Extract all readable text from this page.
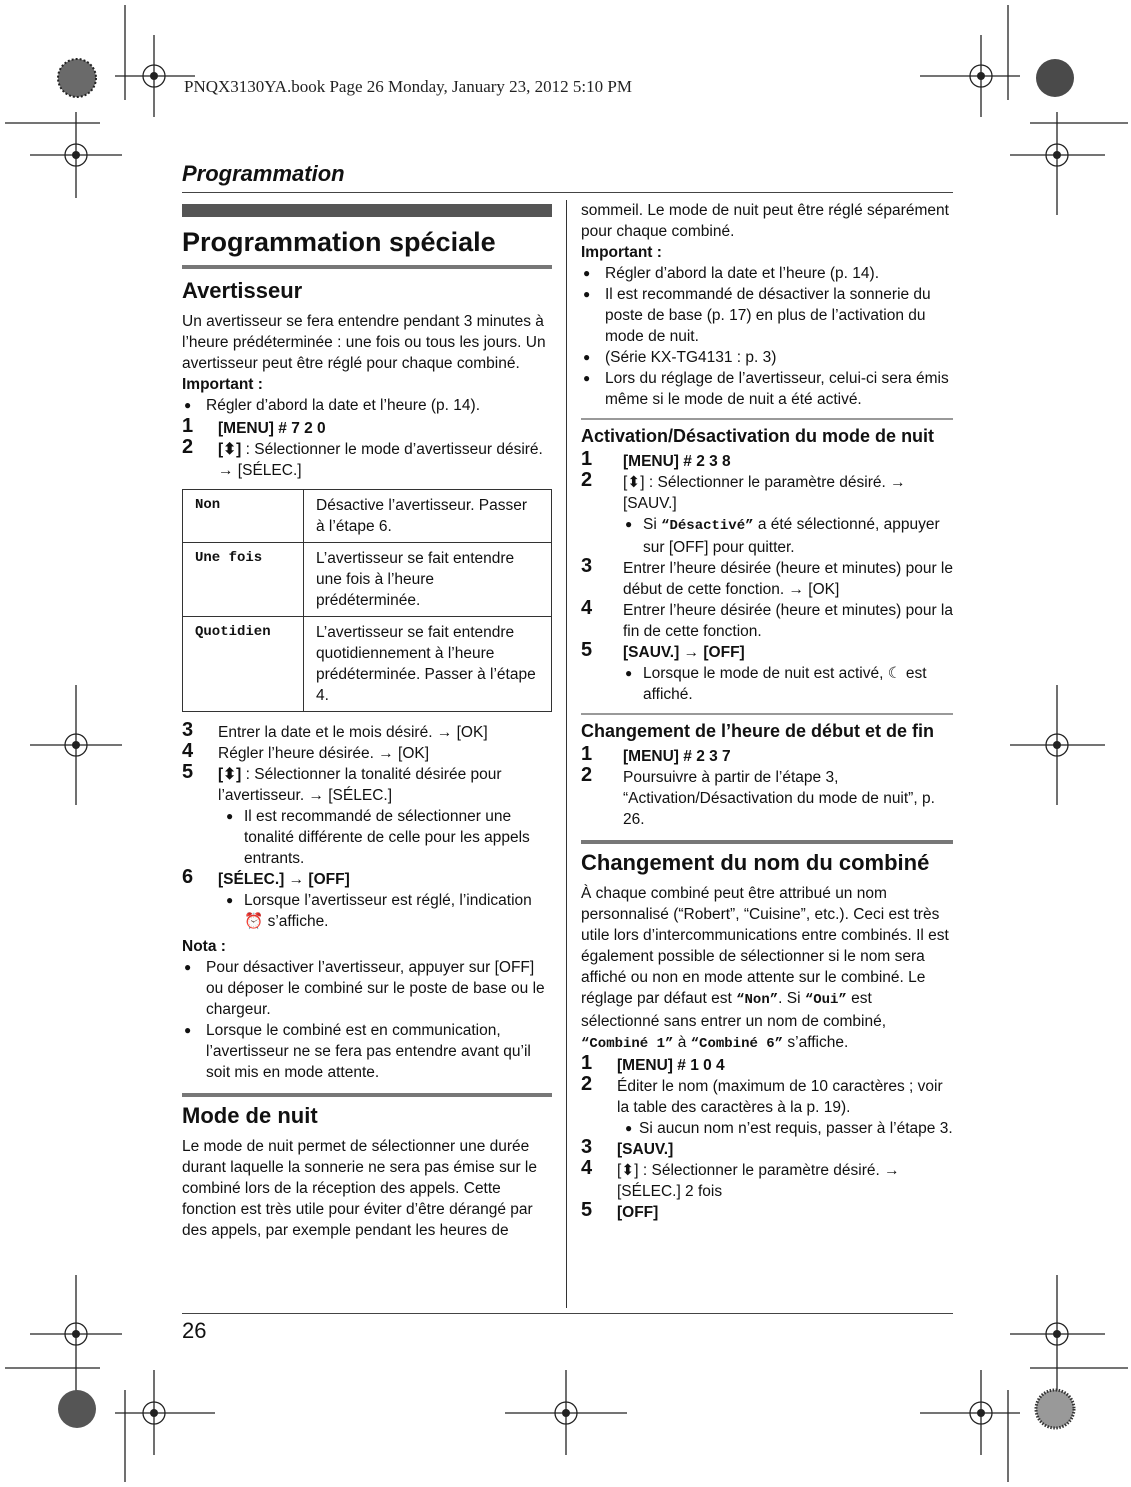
PNQX3130YA.book Page 26 Monday, January 23, 2012 5:10 PM
Programmation
Programmation spéciale
Avertisseur

Un avertisseur se fera entendre pendant 3 minutes à l’heure prédéterminée : une fois ou tous les jours. Un avertisseur peut être réglé pour chaque combiné.

Important :

● Régler d’abord la date et l’heure (p. 14).
1 [MENU] # 7 2 0
2 [⬍] : Sélectionner le mode d’avertisseur désiré. → [SÉLEC.]
Non	Désactive l’avertisseur. Passer à l’étape 6.
Une fois	L’avertisseur se fait entendre une fois à l’heure prédéterminée.
Quotidien	L’avertisseur se fait entendre quotidiennement à l’heure prédéterminée. Passer à l’étape 4.
3 Entrer la date et le mois désiré. → [OK]
4 Régler l’heure désirée. → [OK]
5 [⬍] : Sélectionner la tonalité désirée pour l’avertisseur. → [SÉLEC.]
● Il est recommandé de sélectionner une tonalité différente de celle pour les appels entrants.
6 [SÉLEC.] → [OFF]
● Lorsque l’avertisseur est réglé, l’indication ⏰ s’affiche.

Nota :

● Pour désactiver l’avertisseur, appuyer sur [OFF] ou déposer le combiné sur le poste de base ou le chargeur.
● Lorsque le combiné est en communication, l’avertisseur ne se fera pas entendre avant qu’il soit mis en mode attente.
Mode de nuit

Le mode de nuit permet de sélectionner une durée durant laquelle la sonnerie ne sera pas émise sur le combiné lors de la réception des appels. Cette fonction est très utile pour éviter d’être dérangé par des appels, par exemple pendant les heures de

sommeil. Le mode de nuit peut être réglé séparément pour chaque combiné.

Important :

● Régler d’abord la date et l’heure (p. 14).
● Il est recommandé de désactiver la sonnerie du poste de base (p. 17) en plus de l’activation du mode de nuit.
● (Série KX-TG4131 : p. 3)
● Lors du réglage de l’avertisseur, celui-ci sera émis même si le mode de nuit a été activé.
Activation/Désactivation du mode de nuit
1 [MENU] # 2 3 8
2 [⬍] : Sélectionner le paramètre désiré. → [SAUV.]
● Si “Désactivé” a été sélectionné, appuyer sur [OFF] pour quitter.
3 Entrer l’heure désirée (heure et minutes) pour le début de cette fonction. → [OK]
4 Entrer l’heure désirée (heure et minutes) pour la fin de cette fonction.
5 [SAUV.] → [OFF]
● Lorsque le mode de nuit est activé, ☾ est affiché.
Changement de l’heure de début et de fin
1 [MENU] # 2 3 7
2 Poursuivre à partir de l’étape 3, “Activation/Désactivation du mode de nuit”, p. 26.
Changement du nom du combiné

À chaque combiné peut être attribué un nom personnalisé (“Robert”, “Cuisine”, etc.). Ceci est très utile lors d’intercommunications entre combinés. Il est également possible de sélectionner si le nom sera affiché ou non en mode attente sur le combiné. Le réglage par défaut est “Non”. Si “Oui” est sélectionné sans entrer un nom de combiné, “Combiné 1” à “Combiné 6” s’affiche.

1 [MENU] # 1 0 4
2 Éditer le nom (maximum de 10 caractères ; voir la table des caractères à la p. 19).
● Si aucun nom n’est requis, passer à l’étape 3.
3 [SAUV.]
4 [⬍] : Sélectionner le paramètre désiré. → [SÉLEC.] 2 fois
5 [OFF]
26
